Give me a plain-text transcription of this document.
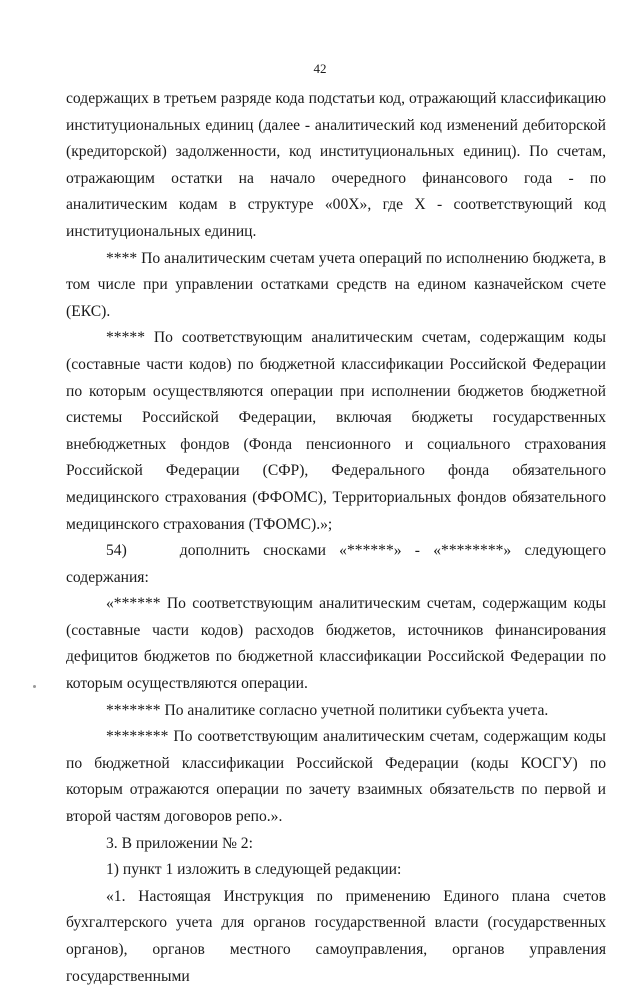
42

содержащих в третьем разряде кода подстатьи код, отражающий классификацию институциональных единиц (далее - аналитический код изменений дебиторской (кредиторской) задолженности, код институциональных единиц). По счетам, отражающим остатки на начало очередного финансового года - по аналитическим кодам в структуре «00Х», где Х - соответствующий код институциональных единиц.

**** По аналитическим счетам учета операций по исполнению бюджета, в том числе при управлении остатками средств на едином казначейском счете (ЕКС).

***** По соответствующим аналитическим счетам, содержащим коды (составные части кодов) по бюджетной классификации Российской Федерации по которым осуществляются операции при исполнении бюджетов бюджетной системы Российской Федерации, включая бюджеты государственных внебюджетных фондов (Фонда пенсионного и социального страхования Российской Федерации (СФР), Федерального фонда обязательного медицинского страхования (ФФОМС), Территориальных фондов обязательного медицинского страхования (ТФОМС).»;

54)    дополнить сносками «******» - «********» следующего содержания:

«****** По соответствующим аналитическим счетам, содержащим коды (составные части кодов) расходов бюджетов, источников финансирования дефицитов бюджетов по бюджетной классификации Российской Федерации по которым осуществляются операции.

******* По аналитике согласно учетной политики субъекта учета.

******** По соответствующим аналитическим счетам, содержащим коды по бюджетной классификации Российской Федерации (коды КОСГУ) по которым отражаются операции по зачету взаимных обязательств по первой и второй частям договоров репо.».

3. В приложении № 2:

1) пункт 1 изложить в следующей редакции:

«1. Настоящая Инструкция по применению Единого плана счетов бухгалтерского учета для органов государственной власти (государственных органов), органов местного самоуправления, органов управления государственными
